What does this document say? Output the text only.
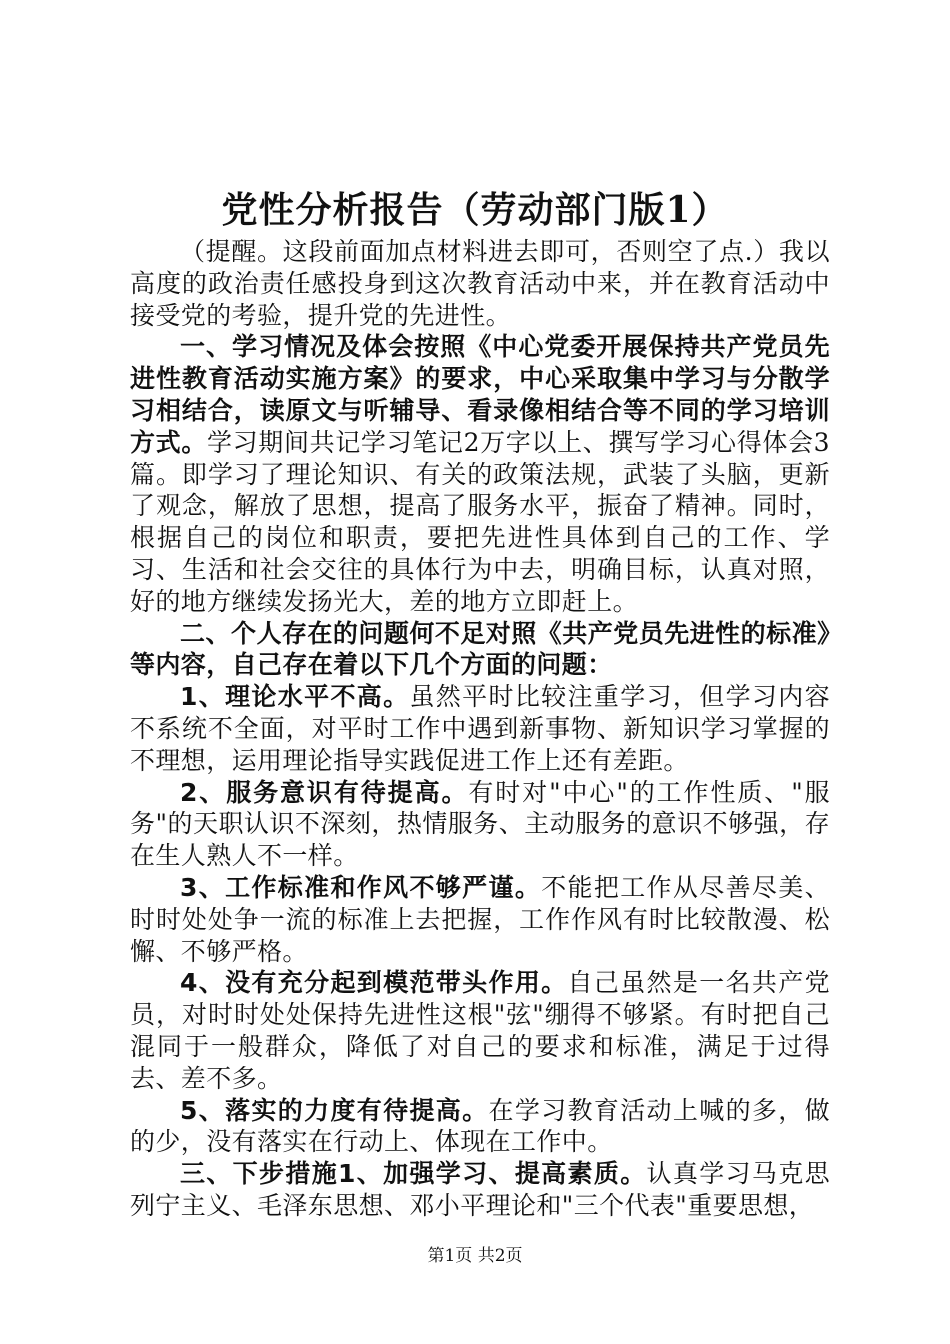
党性分析报告（劳动部门版1）

（提醒。这段前面加点材料进去即可，否则空了点.）我以高度的政治责任感投身到这次教育活动中来，并在教育活动中接受党的考验，提升党的先进性。

一、学习情况及体会按照《中心党委开展保持共产党员先进性教育活动实施方案》的要求，中心采取集中学习与分散学习相结合，读原文与听辅导、看录像相结合等不同的学习培训方式。学习期间共记学习笔记2万字以上、撰写学习心得体会3篇。即学习了理论知识、有关的政策法规，武装了头脑，更新了观念，解放了思想，提高了服务水平，振奋了精神。同时，根据自己的岗位和职责，要把先进性具体到自己的工作、学习、生活和社会交往的具体行为中去，明确目标，认真对照，好的地方继续发扬光大，差的地方立即赶上。

二、个人存在的问题何不足对照《共产党员先进性的标准》等内容，自己存在着以下几个方面的问题：

1、理论水平不高。虽然平时比较注重学习，但学习内容不系统不全面，对平时工作中遇到新事物、新知识学习掌握的不理想，运用理论指导实践促进工作上还有差距。

2、服务意识有待提高。有时对"中心"的工作性质、"服务"的天职认识不深刻，热情服务、主动服务的意识不够强，存在生人熟人不一样。

3、工作标准和作风不够严谨。不能把工作从尽善尽美、时时处处争一流的标准上去把握，工作作风有时比较散漫、松懈、不够严格。

4、没有充分起到模范带头作用。自己虽然是一名共产党员，对时时处处保持先进性这根"弦"绷得不够紧。有时把自己混同于一般群众，降低了对自己的要求和标准，满足于过得去、差不多。

5、落实的力度有待提高。在学习教育活动上喊的多，做的少，没有落实在行动上、体现在工作中。

三、下步措施1、加强学习、提高素质。认真学习马克思列宁主义、毛泽东思想、邓小平理论和"三个代表"重要思想，

第1页 共2页
